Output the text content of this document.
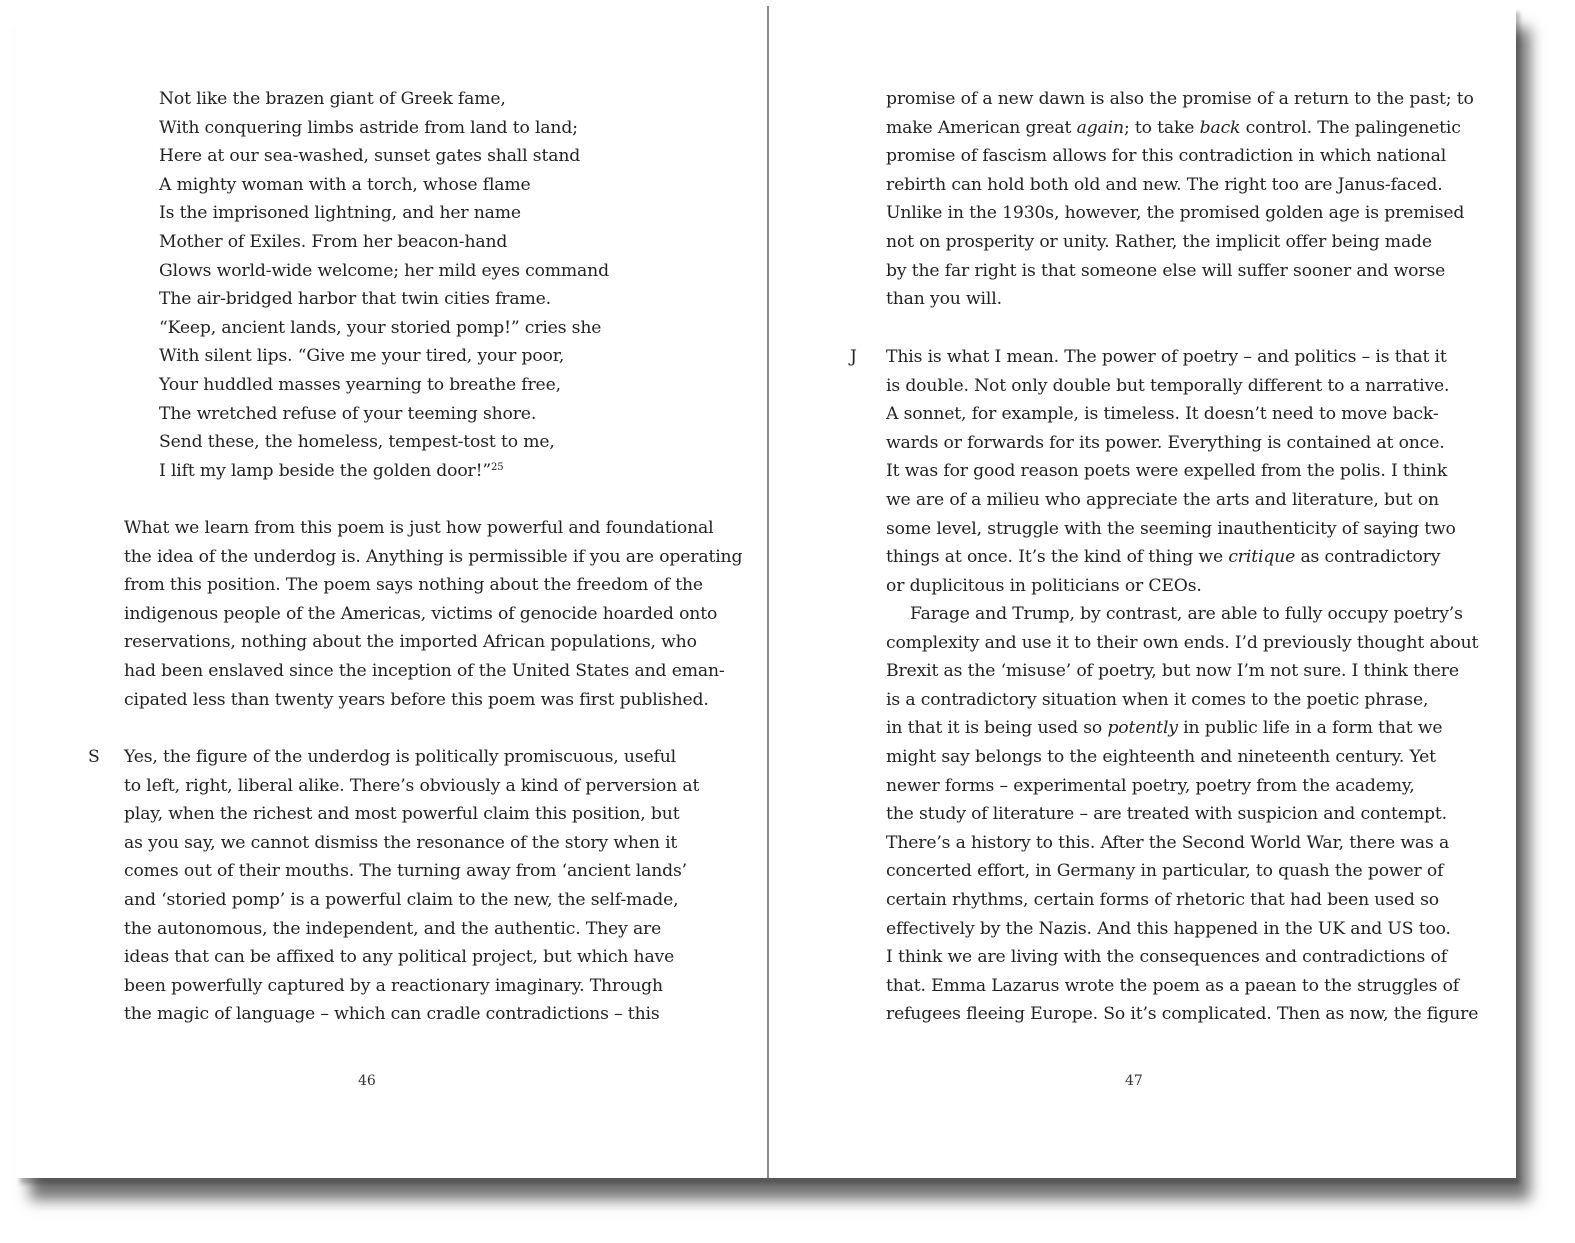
Not like the brazen giant of Greek fame,
With conquering limbs astride from land to land;
Here at our sea-washed, sunset gates shall stand
A mighty woman with a torch, whose flame
Is the imprisoned lightning, and her name
Mother of Exiles. From her beacon-hand
Glows world-wide welcome; her mild eyes command
The air-bridged harbor that twin cities frame.
“Keep, ancient lands, your storied pomp!” cries she
With silent lips. “Give me your tired, your poor,
Your huddled masses yearning to breathe free,
The wretched refuse of your teeming shore.
Send these, the homeless, tempest-tost to me,
I lift my lamp beside the golden door!”$^{25}$
What we learn from this poem is just how powerful and foundational
the idea of the underdog is. Anything is permissible if you are operating
from this position. The poem says nothing about the freedom of the
indigenous people of the Americas, victims of genocide hoarded onto
reservations, nothing about the imported African populations, who
had been enslaved since the inception of the United States and eman-
cipated less than twenty years before this poem was first published.
S Yes, the figure of the underdog is politically promiscuous, useful
to left, right, liberal alike. There’s obviously a kind of perversion at
play, when the richest and most powerful claim this position, but
as you say, we cannot dismiss the resonance of the story when it
comes out of their mouths. The turning away from ‘ancient lands’
and ‘storied pomp’ is a powerful claim to the new, the self-made,
the autonomous, the independent, and the authentic. They are
ideas that can be affixed to any political project, but which have
been powerfully captured by a reactionary imaginary. Through
the magic of language – which can cradle contradictions – this
46
promise of a new dawn is also the promise of a return to the past; to
make American great again; to take back control. The palingenetic
promise of fascism allows for this contradiction in which national
rebirth can hold both old and new. The right too are Janus-faced.
Unlike in the 1930s, however, the promised golden age is premised
not on prosperity or unity. Rather, the implicit offer being made
by the far right is that someone else will suffer sooner and worse
than you will.
J This is what I mean. The power of poetry – and politics – is that it
is double. Not only double but temporally different to a narrative.
A sonnet, for example, is timeless. It doesn’t need to move back-
wards or forwards for its power. Everything is contained at once.
It was for good reason poets were expelled from the polis. I think
we are of a milieu who appreciate the arts and literature, but on
some level, struggle with the seeming inauthenticity of saying two
things at once. It’s the kind of thing we critique as contradictory
or duplicitous in politicians or CEOs.
Farage and Trump, by contrast, are able to fully occupy poetry’s
complexity and use it to their own ends. I’d previously thought about
Brexit as the ‘misuse’ of poetry, but now I’m not sure. I think there
is a contradictory situation when it comes to the poetic phrase,
in that it is being used so potently in public life in a form that we
might say belongs to the eighteenth and nineteenth century. Yet
newer forms – experimental poetry, poetry from the academy,
the study of literature – are treated with suspicion and contempt.
There’s a history to this. After the Second World War, there was a
concerted effort, in Germany in particular, to quash the power of
certain rhythms, certain forms of rhetoric that had been used so
effectively by the Nazis. And this happened in the UK and US too.
I think we are living with the consequences and contradictions of
that. Emma Lazarus wrote the poem as a paean to the struggles of
refugees fleeing Europe. So it’s complicated. Then as now, the figure
47
